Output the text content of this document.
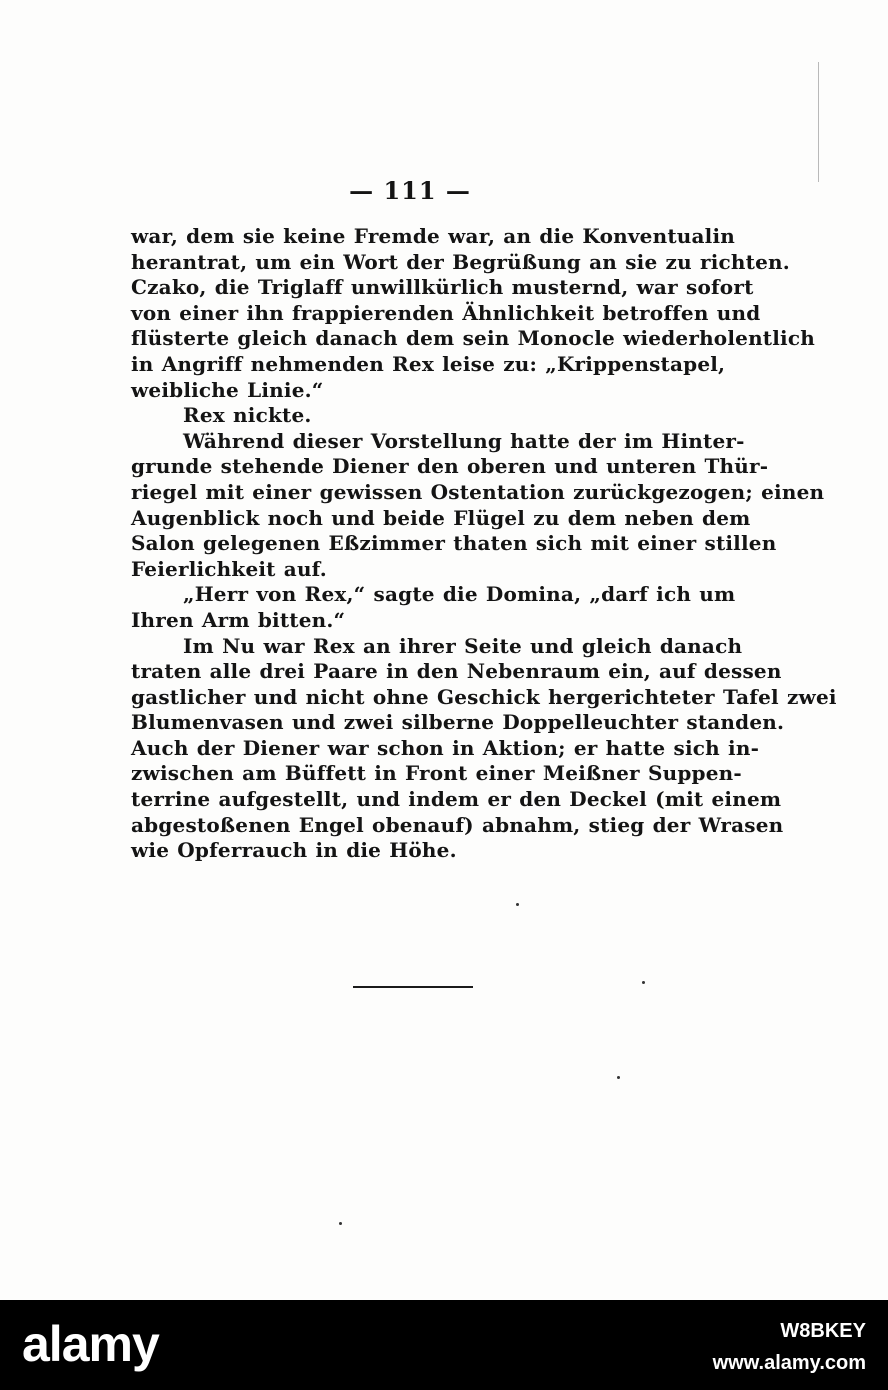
— 111 —
war, dem sie keine Fremde war, an die Konventualin
herantrat, um ein Wort der Begrüßung an sie zu richten.
Czako, die Triglaff unwillkürlich musternd, war sofort
von einer ihn frappierenden Ähnlichkeit betroffen und
flüsterte gleich danach dem sein Monocle wiederholentlich
in Angriff nehmenden Rex leise zu: „Krippenstapel,
weibliche Linie.“
Rex nickte.
Während dieser Vorstellung hatte der im Hinter-
grunde stehende Diener den oberen und unteren Thür-
riegel mit einer gewissen Ostentation zurückgezogen; einen
Augenblick noch und beide Flügel zu dem neben dem
Salon gelegenen Eßzimmer thaten sich mit einer stillen
Feierlichkeit auf.
„Herr von Rex,“ sagte die Domina, „darf ich um
Ihren Arm bitten.“
Im Nu war Rex an ihrer Seite und gleich danach
traten alle drei Paare in den Nebenraum ein, auf dessen
gastlicher und nicht ohne Geschick hergerichteter Tafel zwei
Blumenvasen und zwei silberne Doppelleuchter standen.
Auch der Diener war schon in Aktion; er hatte sich in-
zwischen am Büffett in Front einer Meißner Suppen-
terrine aufgestellt, und indem er den Deckel (mit einem
abgestoßenen Engel obenauf) abnahm, stieg der Wrasen
wie Opferrauch in die Höhe.
alamy	W8BKEY
www.alamy.com
